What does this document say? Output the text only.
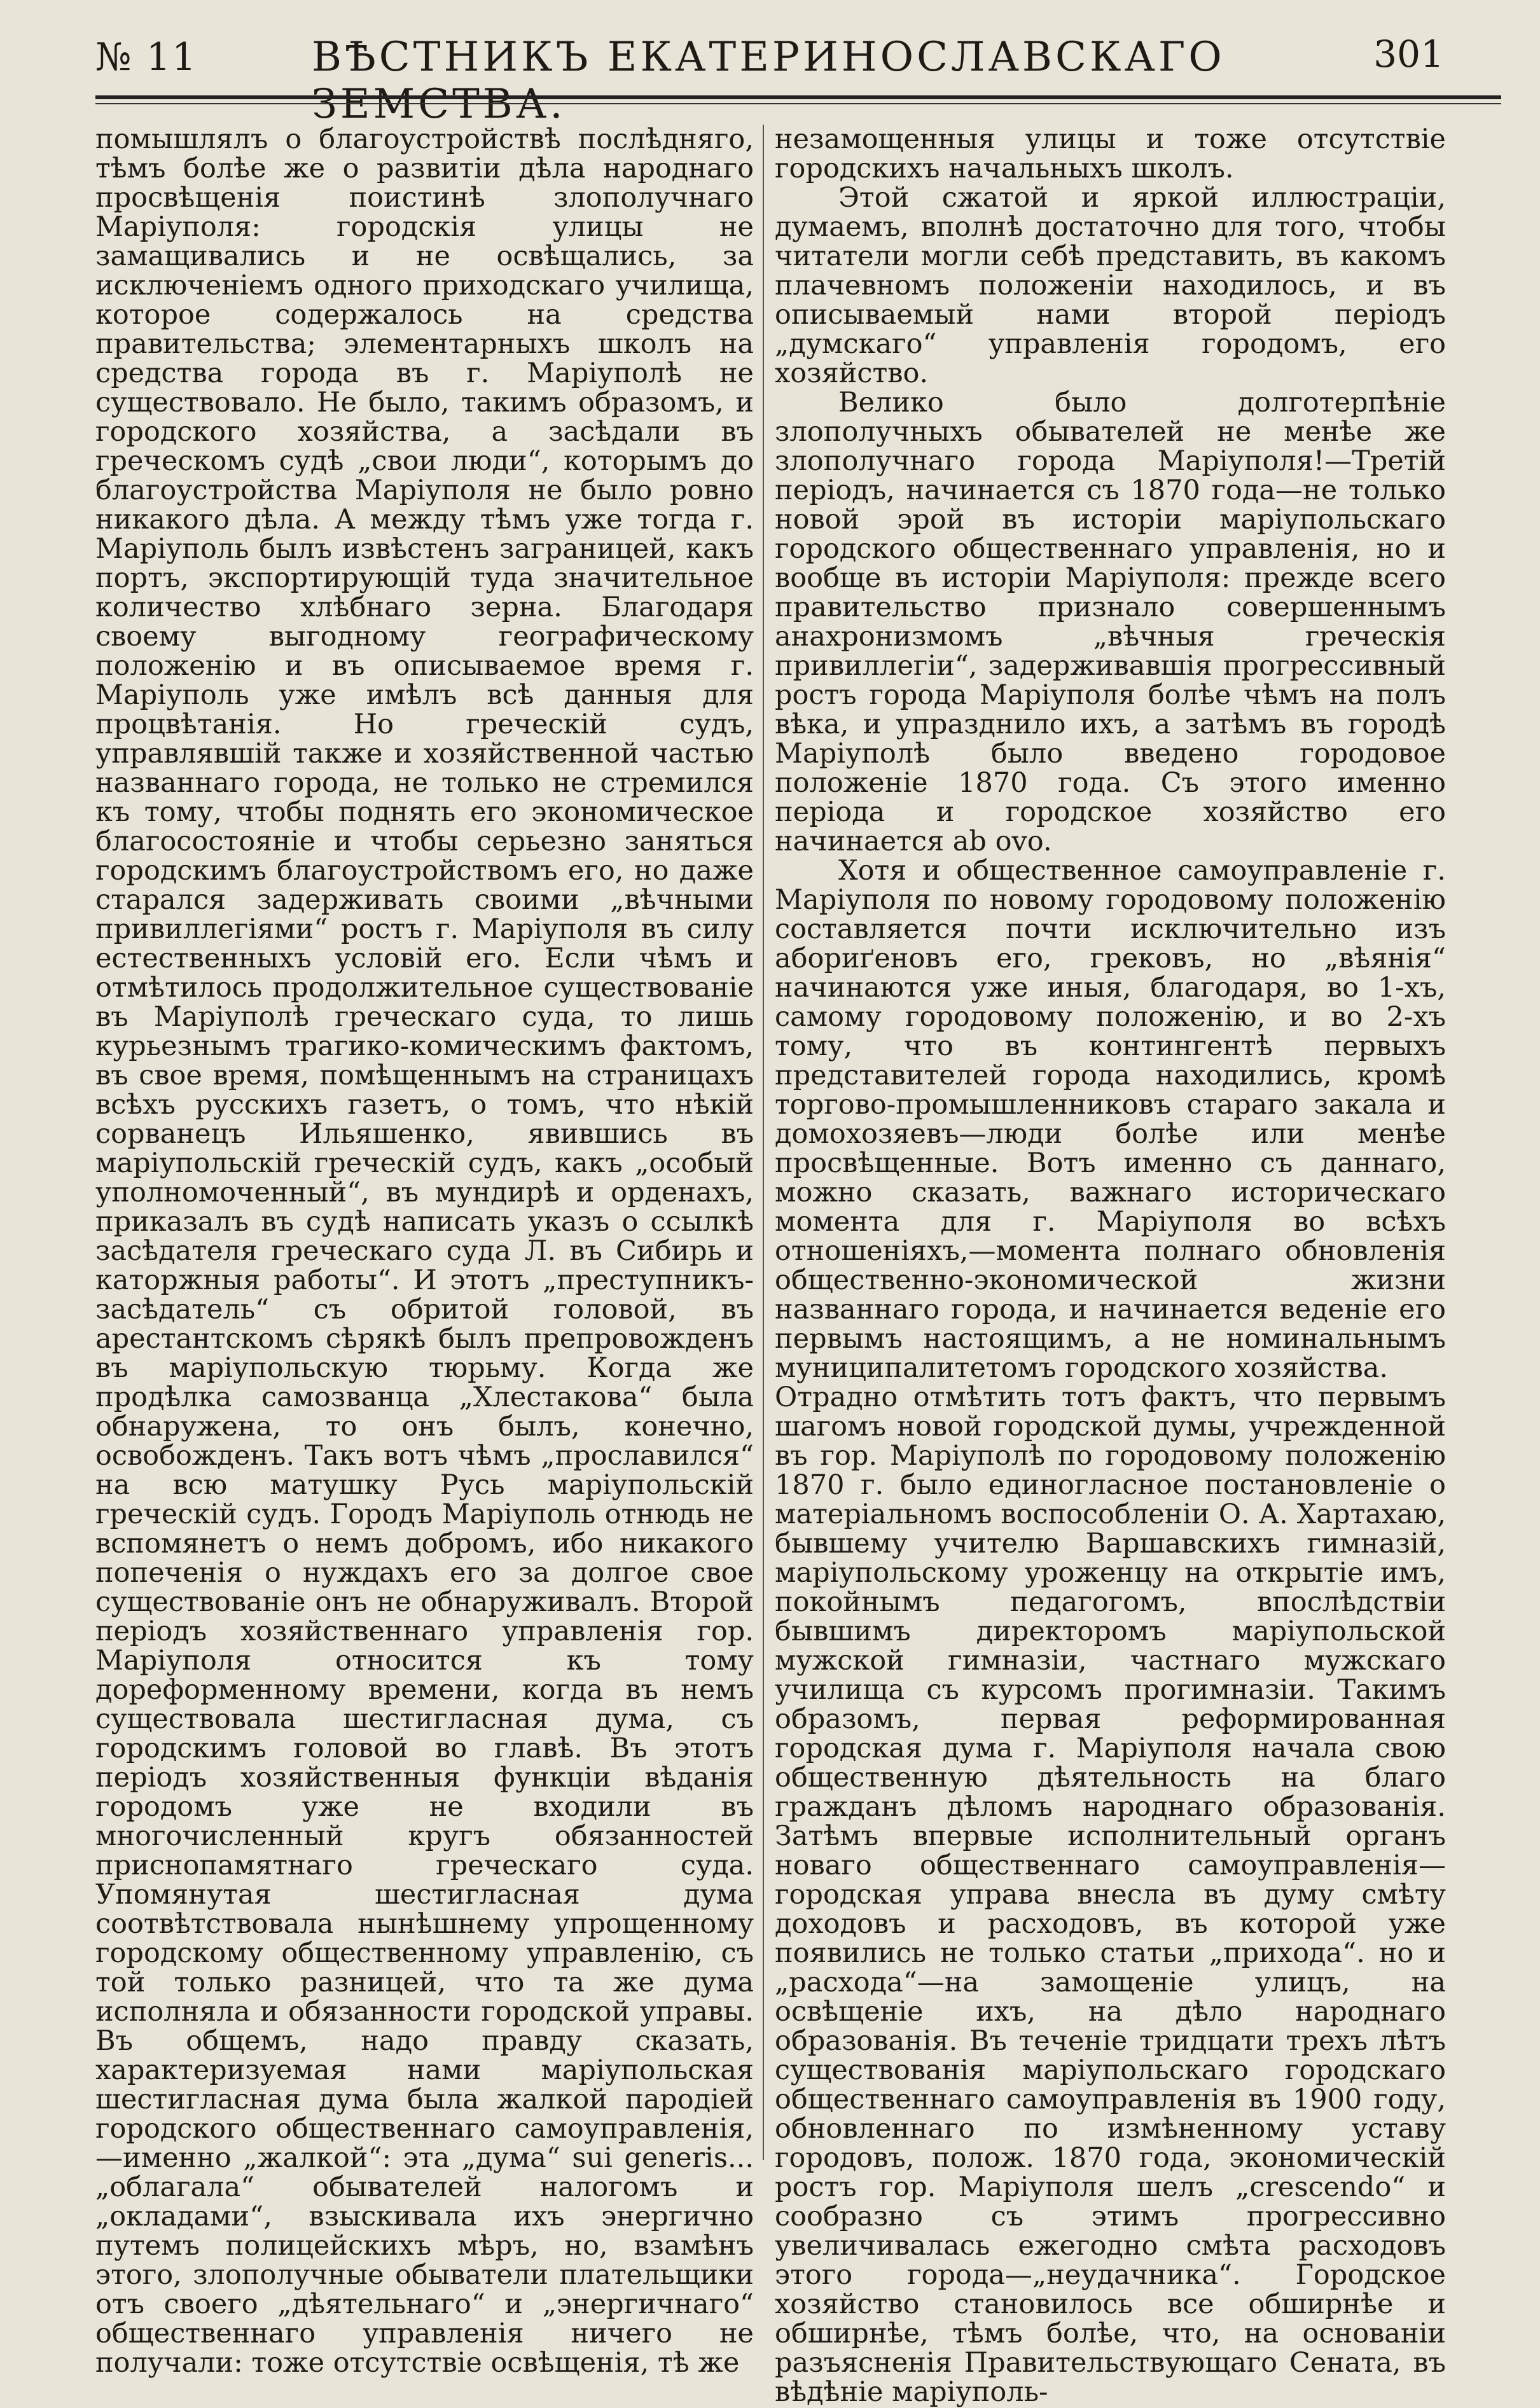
№ 11	ВѢСТНИКЪ ЕКАТЕРИНОСЛАВСКАГО ЗЕМСТВА.
301

помышлялъ о благоустройствѣ послѣдняго, тѣмъ болѣе же о развитіи дѣла народнаго просвѣщенія поистинѣ злополучнаго Маріуполя: городскія улицы не замащивались и не освѣщались, за исключеніемъ одного приходскаго училища, которое содержалось на средства правительства; элементарныхъ школъ на средства города въ г. Маріуполѣ не существовало. Не было, такимъ образомъ, и городского хозяйства, а засѣдали въ греческомъ судѣ „свои люди“, которымъ до благоустройства Маріуполя не было ровно никакого дѣла. А между тѣмъ уже тогда г. Маріуполь былъ извѣстенъ заграницей, какъ портъ, экспортирующій туда значительное количество хлѣбнаго зерна. Благодаря своему выгодному географическому положенію и въ описываемое время г. Маріуполь уже имѣлъ всѣ данныя для процвѣтанія. Но греческій судъ, управлявшій также и хозяйственной частью названнаго города, не только не стремился къ тому, чтобы поднять его экономическое благосостояніе и чтобы серьезно заняться городскимъ благоустройствомъ его, но даже старался задерживать своими „вѣчными привиллегіями“ ростъ г. Маріуполя въ силу естественныхъ условій его. Если чѣмъ и отмѣтилось продолжительное существованіе въ Маріуполѣ греческаго суда, то лишь курьезнымъ трагико-комическимъ фактомъ, въ свое время, помѣщеннымъ на страницахъ всѣхъ русскихъ газетъ, о томъ, что нѣкій сорванецъ Ильяшенко, явившись въ маріупольскій греческій судъ, какъ „особый уполномоченный“, въ мундирѣ и орденахъ, приказалъ въ судѣ написать указъ о ссылкѣ засѣдателя греческаго суда Л. въ Сибирь и каторжныя работы“. И этотъ „преступникъ-засѣдатель“ съ обритой головой, въ арестантскомъ сѣрякѣ былъ препровожденъ въ маріупольскую тюрьму. Когда же продѣлка самозванца „Хлестакова“ была обнаружена, то онъ былъ, конечно, освобожденъ. Такъ вотъ чѣмъ „прославился“ на всю матушку Русь маріупольскій греческій судъ. Городъ Маріуполь отнюдь не вспомянетъ о немъ добромъ, ибо никакого попеченія о нуждахъ его за долгое свое существованіе онъ не обнаруживалъ. Второй періодъ хозяйственнаго управленія гор. Маріуполя относится къ тому дореформенному времени, когда въ немъ существовала шестигласная дума, съ городскимъ головой во главѣ. Въ этотъ періодъ хозяйственныя функціи вѣданія городомъ уже не входили въ многочисленный кругъ обязанностей приснопамятнаго греческаго суда. Упомянутая шестигласная дума соотвѣтствовала нынѣшнему упрощенному городскому общественному управленію, съ той только разницей, что та же дума исполняла и обязанности городской управы. Въ общемъ, надо правду сказать, характеризуемая нами маріупольская шестигласная дума была жалкой пародіей городского общественнаго самоуправленія,—именно „жалкой“: эта „дума“ sui generis... „облагала“ обывателей налогомъ и „окладами“, взыскивала ихъ энергично путемъ полицейскихъ мѣръ, но, взамѣнъ этого, злополучные обыватели плательщики отъ своего „дѣятельнаго“ и „энергичнаго“ общественнаго управленія ничего не получали: тоже отсутствіе освѣщенія, тѣ же

незамощенныя улицы и тоже отсутствіе городскихъ начальныхъ школъ.

Этой сжатой и яркой иллюстраціи, думаемъ, вполнѣ достаточно для того, чтобы читатели могли себѣ представить, въ какомъ плачевномъ положеніи находилось, и въ описываемый нами второй періодъ „думскаго“ управленія городомъ, его хозяйство.

Велико было долготерпѣніе злополучныхъ обывателей не менѣе же злополучнаго города Маріуполя!—Третій періодъ, начинается съ 1870 года—не только новой эрой въ исторіи маріупольскаго городского общественнаго управленія, но и вообще въ исторіи Маріуполя: прежде всего правительство признало совершеннымъ анахронизмомъ „вѣчныя греческія привиллегіи“, задерживавшія прогрессивный ростъ города Маріуполя болѣе чѣмъ на полъ вѣка, и упразднило ихъ, а затѣмъ въ городѣ Маріуполѣ было введено городовое положеніе 1870 года. Съ этого именно періода и городское хозяйство его начинается ab ovo.

Хотя и общественное самоуправленіе г. Маріуполя по новому городовому положенію составляется почти исключительно изъ абориґеновъ его, грековъ, но „вѣянія“ начинаются уже иныя, благодаря, во 1-хъ, самому городовому положенію, и во 2-хъ тому, что въ контингентѣ первыхъ представителей города находились, кромѣ торгово-промышленниковъ стараго закала и домохозяевъ—люди болѣе или менѣе просвѣщенные. Вотъ именно съ даннаго, можно сказать, важнаго историческаго момента для г. Маріуполя во всѣхъ отношеніяхъ,—момента полнаго обновленія общественно-экономической жизни названнаго города, и начинается веденіе его первымъ настоящимъ, а не номинальнымъ муниципалитетомъ городского хозяйства.

Отрадно отмѣтить тотъ фактъ, что первымъ шагомъ новой городской думы, учрежденной въ гор. Маріуполѣ по городовому положенію 1870 г. было единогласное постановленіе о матеріальномъ воспособленіи О. А. Хартахаю, бывшему учителю Варшавскихъ гимназій, маріупольскому уроженцу на открытіе имъ, покойнымъ педагогомъ, впослѣдствіи бывшимъ директоромъ маріупольской мужской гимназіи, частнаго мужскаго училища съ курсомъ прогимназіи. Такимъ образомъ, первая реформированная городская дума г. Маріуполя начала свою общественную дѣятельность на благо гражданъ дѣломъ народнаго образованія. Затѣмъ впервые исполнительный органъ новаго общественнаго самоуправленія—городская управа внесла въ думу смѣту доходовъ и расходовъ, въ которой уже появились не только статьи „прихода“. но и „расхода“—на замощеніе улицъ, на освѣщеніе ихъ, на дѣло народнаго образованія. Въ теченіе тридцати трехъ лѣтъ существованія маріупольскаго городскаго общественнаго самоуправленія въ 1900 году, обновленнаго по измѣненному уставу городовъ, полож. 1870 года, экономическій ростъ гор. Маріуполя шелъ „crescendo“ и сообразно съ этимъ прогрессивно увеличивалась ежегодно смѣта расходовъ этого города—„неудачника“. Городское хозяйство становилось все обширнѣе и обширнѣе, тѣмъ болѣе, что, на основаніи разъясненія Правительствующаго Сената, въ вѣдѣніе маріуполь-
